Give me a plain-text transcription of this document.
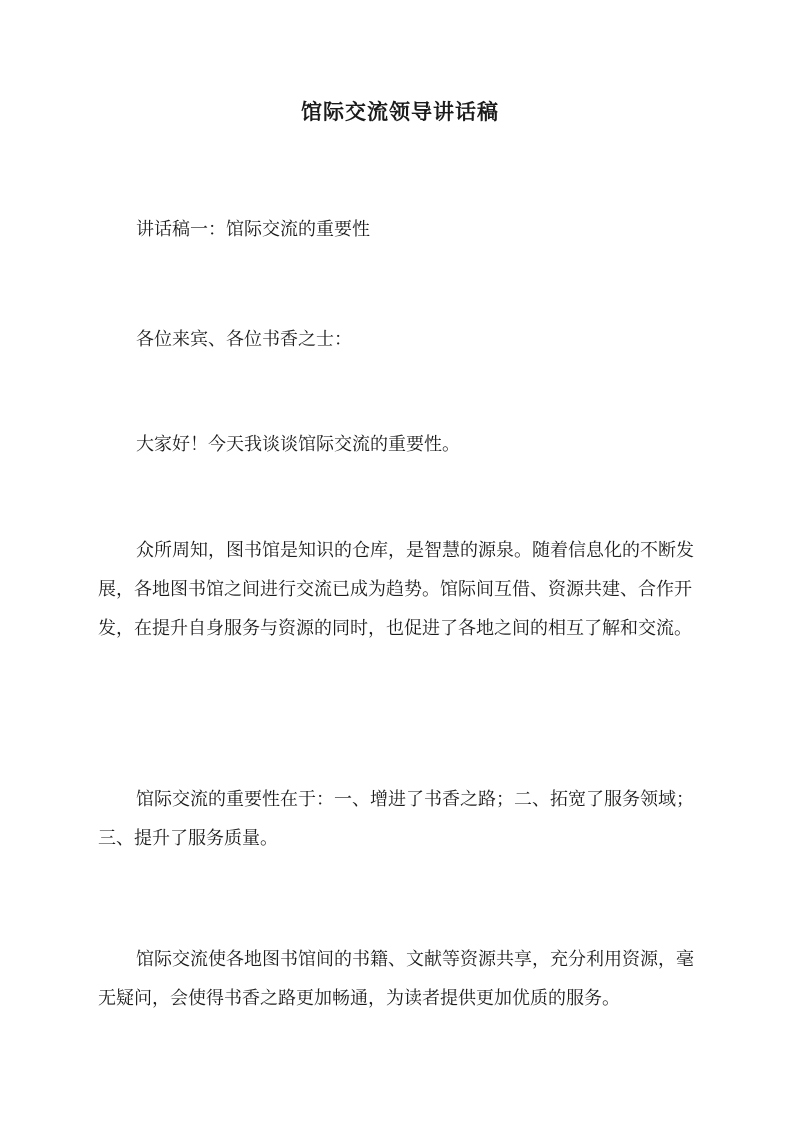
馆际交流领导讲话稿

讲话稿一：馆际交流的重要性

各位来宾、各位书香之士：

大家好！今天我谈谈馆际交流的重要性。

众所周知，图书馆是知识的仓库，是智慧的源泉。随着信息化的不断发展，各地图书馆之间进行交流已成为趋势。馆际间互借、资源共建、合作开发，在提升自身服务与资源的同时，也促进了各地之间的相互了解和交流。

馆际交流的重要性在于：一、增进了书香之路；二、拓宽了服务领域；三、提升了服务质量。

馆际交流使各地图书馆间的书籍、文献等资源共享，充分利用资源，毫无疑问，会使得书香之路更加畅通，为读者提供更加优质的服务。
